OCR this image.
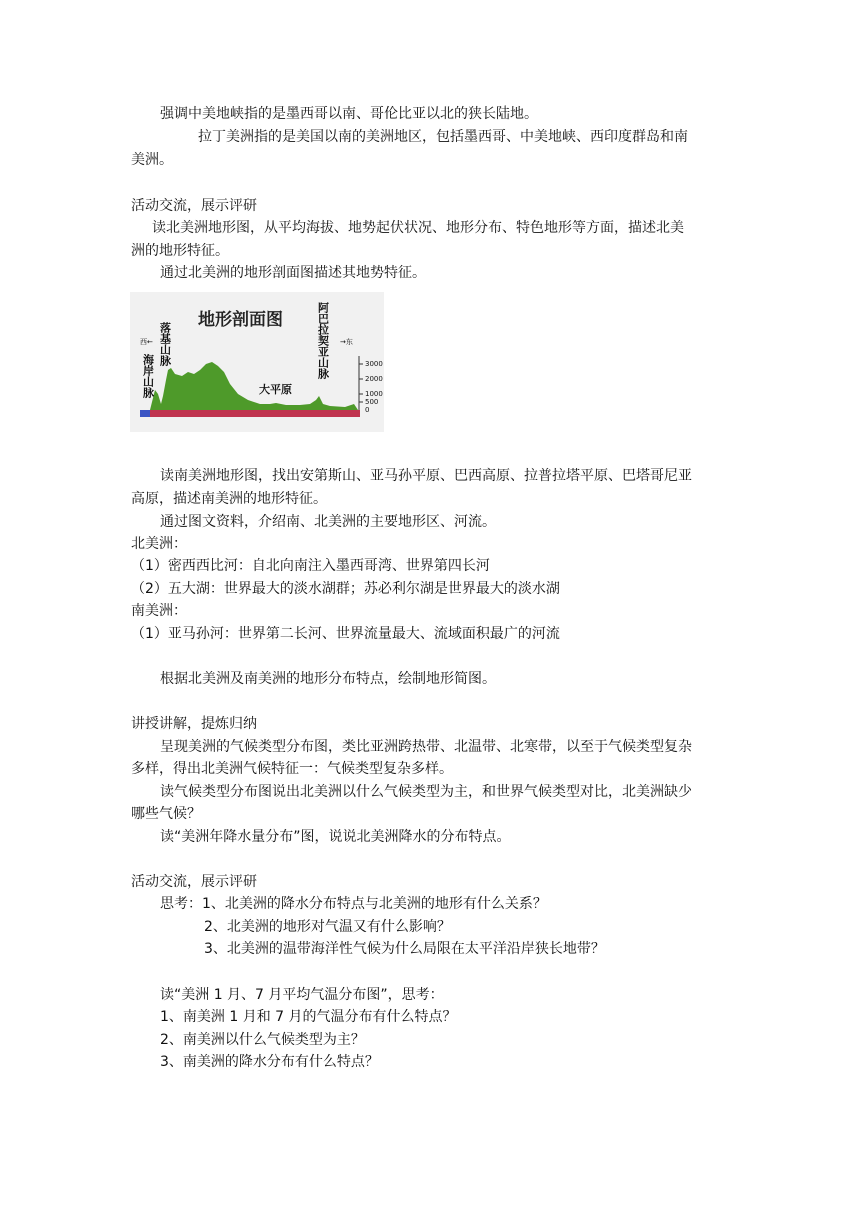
强调中美地峡指的是墨西哥以南、哥伦比亚以北的狭长陆地。
拉丁美洲指的是美国以南的美洲地区，包括墨西哥、中美地峡、西印度群岛和南
美洲。
活动交流，展示评研
读北美洲地形图，从平均海拔、地势起伏状况、地形分布、特色地形等方面，描述北美
洲的地形特征。
通过北美洲的地形剖面图描述其地势特征。
3000
2000
1000
500
0
地形剖面图
西←	→东
大平原
落基山脉
海岸山脉	阿巴拉契亚山脉
读南美洲地形图，找出安第斯山、亚马孙平原、巴西高原、拉普拉塔平原、巴塔哥尼亚
高原，描述南美洲的地形特征。
通过图文资料，介绍南、北美洲的主要地形区、河流。
北美洲：
（1）密西西比河：自北向南注入墨西哥湾、世界第四长河
（2）五大湖：世界最大的淡水湖群；苏必利尔湖是世界最大的淡水湖
南美洲：
（1）亚马孙河：世界第二长河、世界流量最大、流域面积最广的河流
根据北美洲及南美洲的地形分布特点，绘制地形简图。
讲授讲解，提炼归纳
呈现美洲的气候类型分布图，类比亚洲跨热带、北温带、北寒带，以至于气候类型复杂
多样，得出北美洲气候特征一：气候类型复杂多样。
读气候类型分布图说出北美洲以什么气候类型为主，和世界气候类型对比，北美洲缺少
哪些气候？
读“美洲年降水量分布”图，说说北美洲降水的分布特点。
活动交流，展示评研
思考：1、北美洲的降水分布特点与北美洲的地形有什么关系？
2、北美洲的地形对气温又有什么影响？
3、北美洲的温带海洋性气候为什么局限在太平洋沿岸狭长地带？
读“美洲 1 月、7 月平均气温分布图”，思考：
1、南美洲 1 月和 7 月的气温分布有什么特点？
2、南美洲以什么气候类型为主？
3、南美洲的降水分布有什么特点？
